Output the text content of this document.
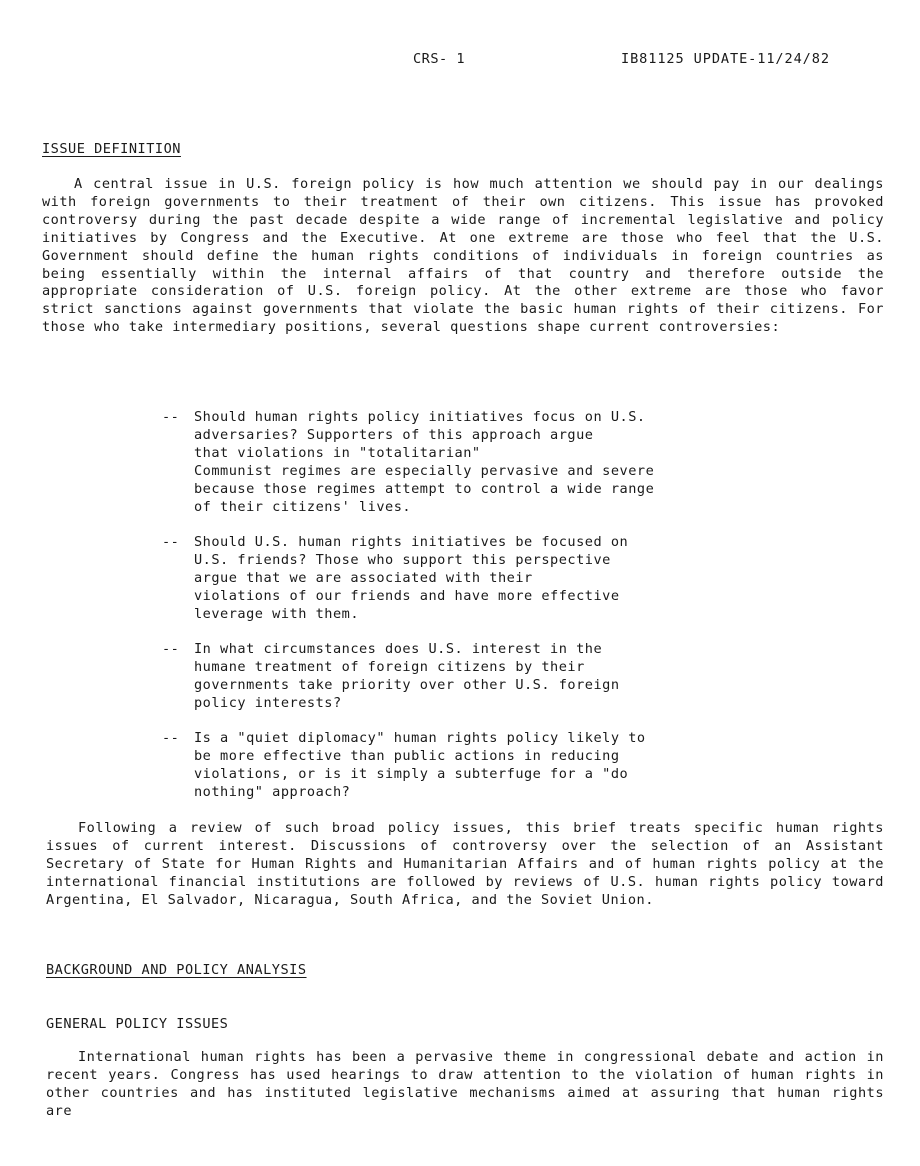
CRS- 1	IB81125 UPDATE-11/24/82
ISSUE DEFINITION
A central issue in U.S. foreign policy is how much attention we should pay in our dealings with foreign governments to their treatment of their own citizens. This issue has provoked controversy during the past decade despite a wide range of incremental legislative and policy initiatives by Congress and the Executive. At one extreme are those who feel that the U.S. Government should define the human rights conditions of individuals in foreign countries as being essentially within the internal affairs of that country and therefore outside the appropriate consideration of U.S. foreign policy. At the other extreme are those who favor strict sanctions against governments that violate the basic human rights of their citizens. For those who take intermediary positions, several questions shape current controversies:
--	Should human rights policy initiatives focus on U.S.
adversaries? Supporters of this approach argue
that violations in "totalitarian"
Communist regimes are especially pervasive and severe
because those regimes attempt to control a wide range
of their citizens' lives.
--	Should U.S. human rights initiatives be focused on
U.S. friends? Those who support this perspective
argue that we are associated with their
violations of our friends and have more effective
leverage with them.
--	In what circumstances does U.S. interest in the
humane treatment of foreign citizens by their
governments take priority over other U.S. foreign
policy interests?
--	Is a "quiet diplomacy" human rights policy likely to
be more effective than public actions in reducing
violations, or is it simply a subterfuge for a "do
nothing" approach?
Following a review of such broad policy issues, this brief treats specific human rights issues of current interest. Discussions of controversy over the selection of an Assistant Secretary of State for Human Rights and Humanitarian Affairs and of human rights policy at the international financial institutions are followed by reviews of U.S. human rights policy toward Argentina, El Salvador, Nicaragua, South Africa, and the Soviet Union.
BACKGROUND AND POLICY ANALYSIS
GENERAL POLICY ISSUES
International human rights has been a pervasive theme in congressional debate and action in recent years. Congress has used hearings to draw attention to the violation of human rights in other countries and has instituted legislative mechanisms aimed at assuring that human rights are
